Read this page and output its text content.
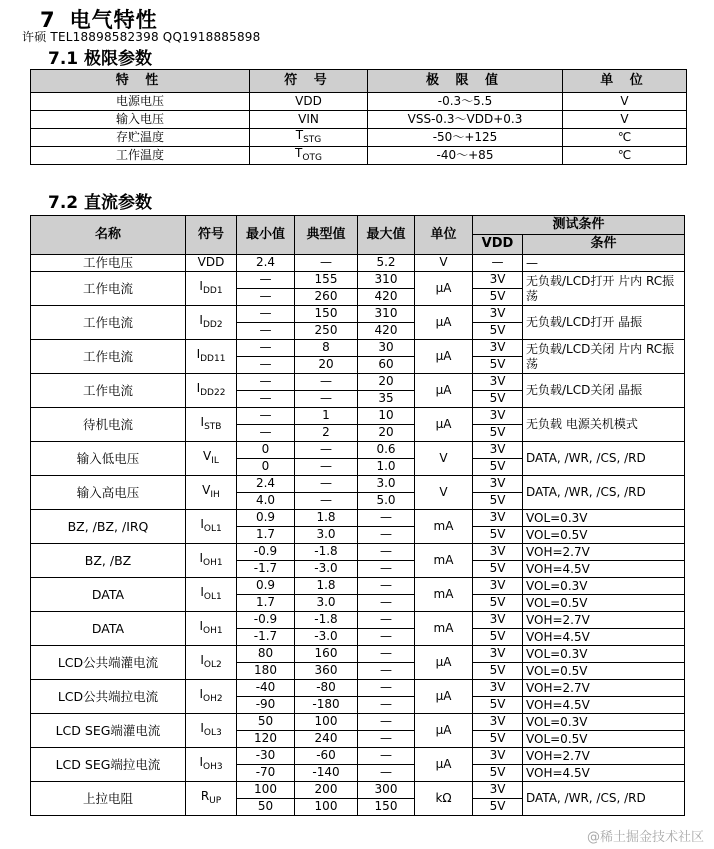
7 电气特性
许硕 TEL18898582398 QQ1918885898
7.1 极限参数
特 性	符 号	极 限 值	单 位
电源电压	VDD	-0.3～5.5	V
输入电压	VIN	VSS-0.3～VDD+0.3	V
存贮温度	$T_{STG}$	-50～+125	℃
工作温度	$T_{OTG}$	-40～+85	℃
7.2 直流参数
名称	符号	最小值	典型值	最大值	单位	测试条件	
						VDD	条件
工作电压	VDD	2.4	—	5.2	V	—	—
工作电流	$I_{DD1}$	—	155	310	μA	3V	无负载/LCD打开 片内 RC振荡
		—	260	420		5V	
工作电流	$I_{DD2}$	—	150	310	μA	3V	无负载/LCD打开 晶振
		—	250	420		5V	
工作电流	$I_{DD11}$	—	8	30	μA	3V	无负载/LCD关闭 片内 RC振荡
		—	20	60		5V	
工作电流	$I_{DD22}$	—	—	20	μA	3V	无负载/LCD关闭 晶振
		—	—	35		5V	
待机电流	$I_{STB}$	—	1	10	μA	3V	无负载 电源关机模式
		—	2	20		5V	
输入低电压	$V_{IL}$	0	—	0.6	V	3V	DATA, /WR, /CS, /RD
		0	—	1.0		5V	
输入高电压	$V_{IH}$	2.4	—	3.0	V	3V	DATA, /WR, /CS, /RD
		4.0	—	5.0		5V	
BZ, /BZ, /IRQ	$I_{OL1}$	0.9	1.8	—	mA	3V	VOL=0.3V
		1.7	3.0	—		5V	VOL=0.5V
BZ, /BZ	$I_{OH1}$	-0.9	-1.8	—	mA	3V	VOH=2.7V
		-1.7	-3.0	—		5V	VOH=4.5V
DATA	$I_{OL1}$	0.9	1.8	—	mA	3V	VOL=0.3V
		1.7	3.0	—		5V	VOL=0.5V
DATA	$I_{OH1}$	-0.9	-1.8	—	mA	3V	VOH=2.7V
		-1.7	-3.0	—		5V	VOH=4.5V
LCD公共端灌电流	$I_{OL2}$	80	160	—	μA	3V	VOL=0.3V
		180	360	—		5V	VOL=0.5V
LCD公共端拉电流	$I_{OH2}$	-40	-80	—	μA	3V	VOH=2.7V
		-90	-180	—		5V	VOH=4.5V
LCD SEG端灌电流	$I_{OL3}$	50	100	—	μA	3V	VOL=0.3V
		120	240	—		5V	VOL=0.5V
LCD SEG端拉电流	$I_{OH3}$	-30	-60	—	μA	3V	VOH=2.7V
		-70	-140	—		5V	VOH=4.5V
上拉电阻	$R_{UP}$	100	200	300	kΩ	3V	DATA, /WR, /CS, /RD
		50	100	150		5V	
@稀土掘金技术社区
